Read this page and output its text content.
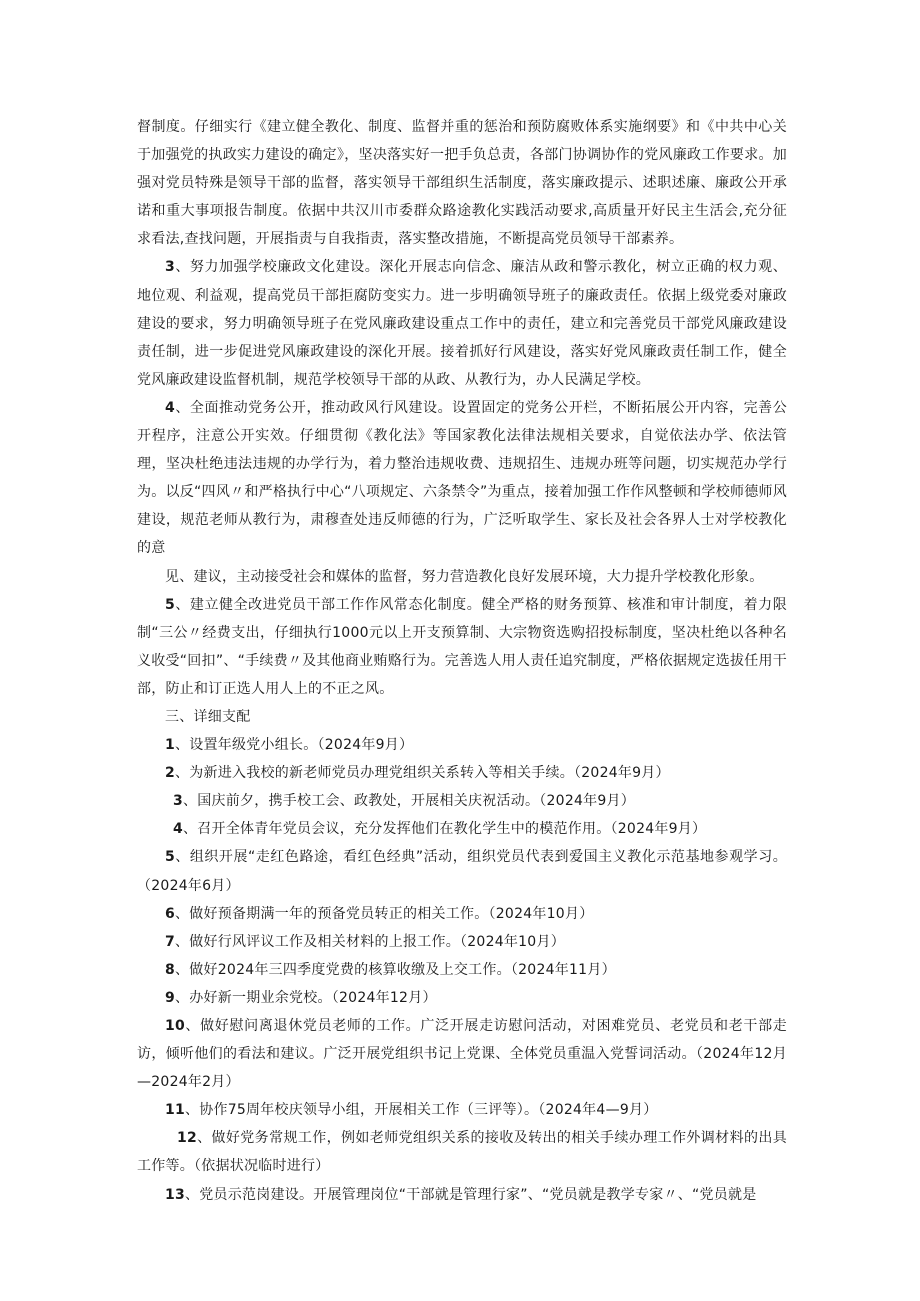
督制度。仔细实行《建立健全教化、制度、监督并重的惩治和预防腐败体系实施纲要》和《中共中心关于加强党的执政实力建设的确定》，坚决落实好一把手负总责，各部门协调协作的党风廉政工作要求。加强对党员特殊是领导干部的监督，落实领导干部组织生活制度，落实廉政提示、述职述廉、廉政公开承诺和重大事项报告制度。依据中共汉川市委群众路途教化实践活动要求,高质量开好民主生活会,充分征求看法,查找问题，开展指责与自我指责，落实整改措施，不断提高党员领导干部素养。

3、努力加强学校廉政文化建设。深化开展志向信念、廉洁从政和警示教化，树立正确的权力观、地位观、利益观，提高党员干部拒腐防变实力。进一步明确领导班子的廉政责任。依据上级党委对廉政建设的要求，努力明确领导班子在党风廉政建设重点工作中的责任，建立和完善党员干部党风廉政建设责任制，进一步促进党风廉政建设的深化开展。接着抓好行风建设，落实好党风廉政责任制工作，健全党风廉政建设监督机制，规范学校领导干部的从政、从教行为，办人民满足学校。

4、全面推动党务公开，推动政风行风建设。设置固定的党务公开栏，不断拓展公开内容，完善公开程序，注意公开实效。仔细贯彻《教化法》等国家教化法律法规相关要求，自觉依法办学、依法管理，坚决杜绝违法违规的办学行为，着力整治违规收费、违规招生、违规办班等问题，切实规范办学行为。以反“四风〃和严格执行中心“八项规定、六条禁令”为重点，接着加强工作作风整顿和学校师德师风建设，规范老师从教行为，肃穆查处违反师德的行为，广泛听取学生、家长及社会各界人士对学校教化的意

见、建议，主动接受社会和媒体的监督，努力营造教化良好发展环境，大力提升学校教化形象。

5、建立健全改进党员干部工作作风常态化制度。健全严格的财务预算、核准和审计制度，着力限制“三公〃经费支出，仔细执行1000元以上开支预算制、大宗物资选购招投标制度，坚决杜绝以各种名义收受“回扣”、“手续费〃及其他商业贿赂行为。完善选人用人责任追究制度，严格依据规定选拔任用干部，防止和订正选人用人上的不正之风。

三、详细支配

1、设置年级党小组长。（2024年9月）

2、为新进入我校的新老师党员办理党组织关系转入等相关手续。（2024年9月）

3、国庆前夕，携手校工会、政教处，开展相关庆祝活动。（2024年9月）

4、召开全体青年党员会议，充分发挥他们在教化学生中的模范作用。（2024年9月）

5、组织开展“走红色路途，看红色经典”活动，组织党员代表到爱国主义教化示范基地参观学习。（2024年6月）

6、做好预备期满一年的预备党员转正的相关工作。（2024年10月）

7、做好行风评议工作及相关材料的上报工作。（2024年10月）

8、做好2024年三四季度党费的核算收缴及上交工作。（2024年11月）

9、办好新一期业余党校。（2024年12月）

10、做好慰问离退休党员老师的工作。广泛开展走访慰问活动，对困难党员、老党员和老干部走访，倾听他们的看法和建议。广泛开展党组织书记上党课、全体党员重温入党誓词活动。（2024年12月—2024年2月）

11、协作75周年校庆领导小组，开展相关工作（三评等）。（2024年4—9月）

12、做好党务常规工作，例如老师党组织关系的接收及转出的相关手续办理工作外调材料的出具工作等。（依据状况临时进行）

13、党员示范岗建设。开展管理岗位“干部就是管理行家”、“党员就是教学专家〃、“党员就是
